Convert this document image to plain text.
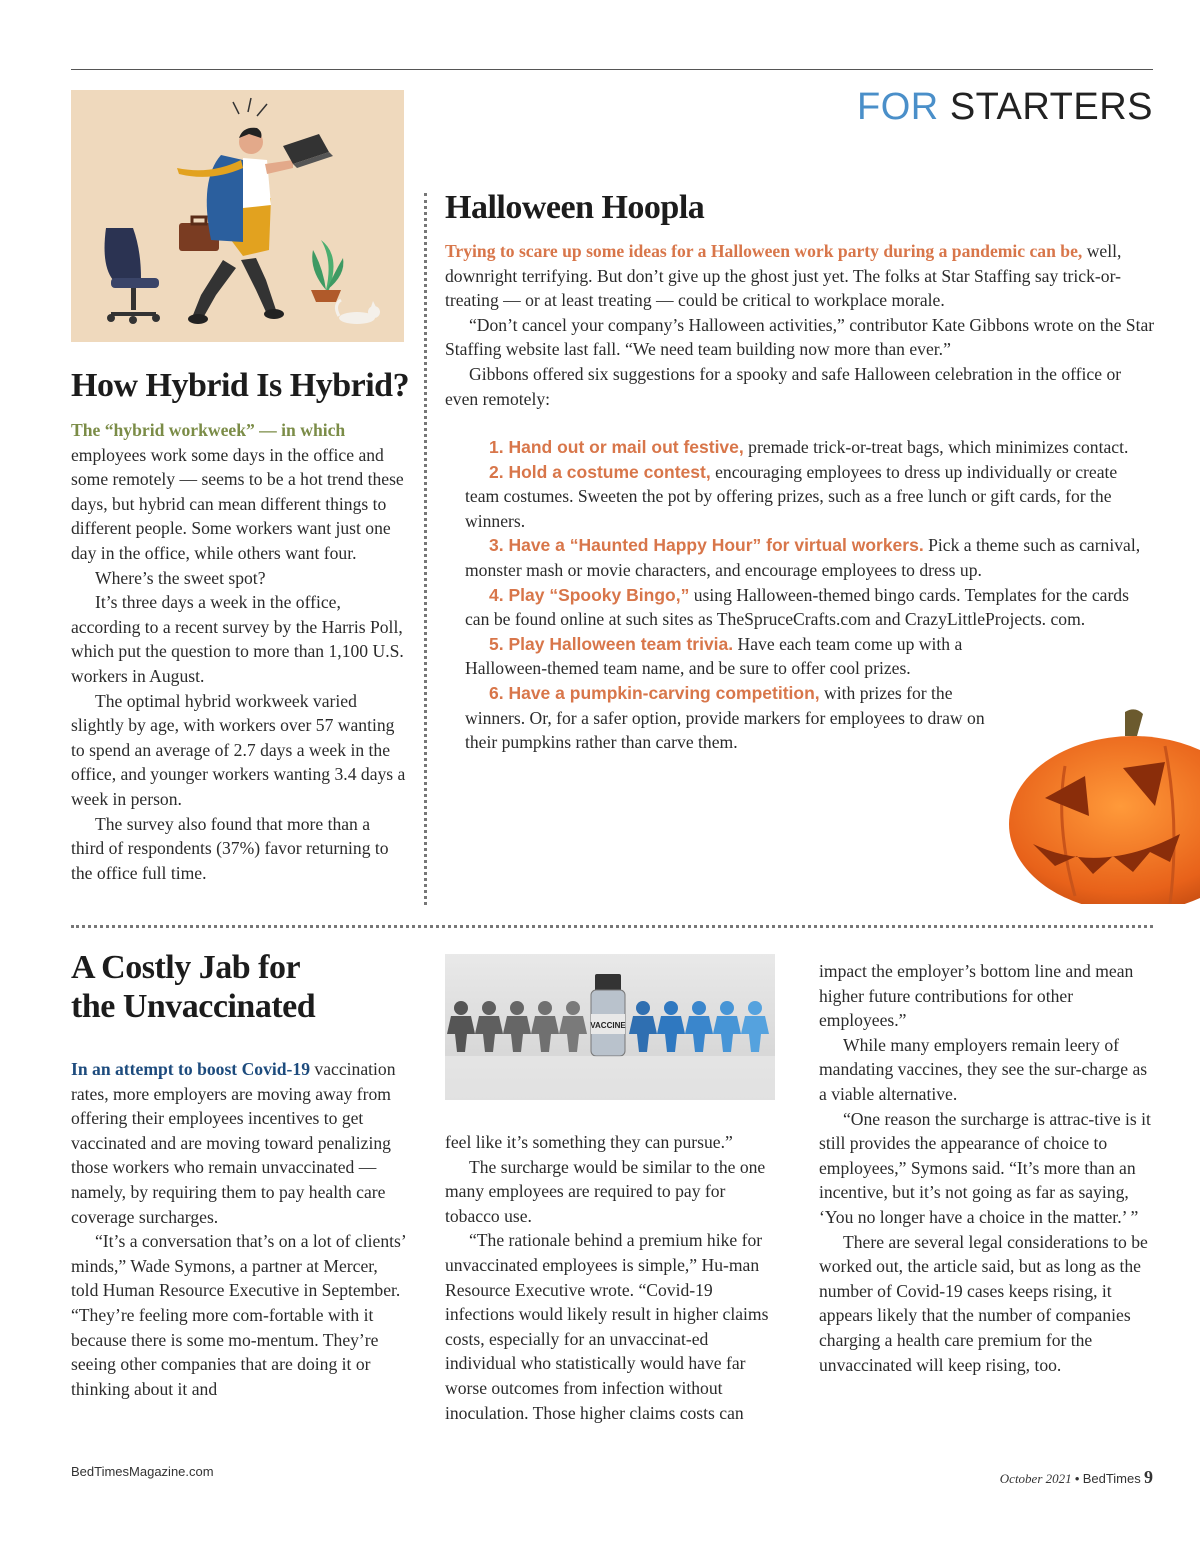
FOR STARTERS
How Hybrid Is Hybrid?

The “hybrid workweek” — in which employees work some days in the office and some remotely — seems to be a hot trend these days, but hybrid can mean different things to different people. Some workers want just one day in the office, while others want four.

Where’s the sweet spot?

It’s three days a week in the office, according to a recent survey by the Harris Poll, which put the question to more than 1,100 U.S. workers in August.

The optimal hybrid workweek varied slightly by age, with workers over 57 wanting to spend an average of 2.7 days a week in the office, and younger workers wanting 3.4 days a week in person.

The survey also found that more than a third of respondents (37%) favor returning to the office full time.

Halloween Hoopla

Trying to scare up some ideas for a Halloween work party during a pandemic can be, well, downright terrifying. But don’t give up the ghost just yet. The folks at Star Staffing say trick-or-treating — or at least treating — could be critical to workplace morale.

“Don’t cancel your company’s Halloween activities,” contributor Kate Gibbons wrote on the Star Staffing website last fall. “We need team building now more than ever.”

Gibbons offered six suggestions for a spooky and safe Halloween celebration in the office or even remotely:

1. Hand out or mail out festive, premade trick-or-treat bags, which minimizes contact.

2. Hold a costume contest, encouraging employees to dress up individually or create team costumes. Sweeten the pot by offering prizes, such as a free lunch or gift cards, for the winners.

3. Have a “Haunted Happy Hour” for virtual workers. Pick a theme such as carnival, monster mash or movie characters, and encourage employees to dress up.

4. Play “Spooky Bingo,” using Halloween-themed bingo cards. Templates for the cards can be found online at such sites as TheSpruceCrafts.com and CrazyLittleProjects. com.

5. Play Halloween team trivia. Have each team come up with a Halloween-themed team name, and be sure to offer cool prizes.

6. Have a pumpkin-carving competition, with prizes for the winners. Or, for a safer option, provide markers for employees to draw on their pumpkins rather than carve them.

A Costly Jab for
the Unvaccinated

In an attempt to boost Covid-19 vaccination rates, more employers are moving away from offering their employees incentives to get vaccinated and are moving toward penalizing those workers who remain unvaccinated — namely, by requiring them to pay health care coverage surcharges.

“It’s a conversation that’s on a lot of clients’ minds,” Wade Symons, a partner at Mercer, told Human Resource Executive in September. “They’re feeling more com-fortable with it because there is some mo-mentum. They’re seeing other companies that are doing it or thinking about it and

VACCINE

feel like it’s something they can pursue.”

The surcharge would be similar to the one many employees are required to pay for tobacco use.

“The rationale behind a premium hike for unvaccinated employees is simple,” Hu-man Resource Executive wrote. “Covid-19 infections would likely result in higher claims costs, especially for an unvaccinat-ed individual who statistically would have far worse outcomes from infection without inoculation. Those higher claims costs can

impact the employer’s bottom line and mean higher future contributions for other employees.”

While many employers remain leery of mandating vaccines, they see the sur-charge as a viable alternative.

“One reason the surcharge is attrac-tive is it still provides the appearance of choice to employees,” Symons said. “It’s more than an incentive, but it’s not going as far as saying, ‘You no longer have a choice in the matter.’ ”

There are several legal considerations to be worked out, the article said, but as long as the number of Covid-19 cases keeps rising, it appears likely that the number of companies charging a health care premium for the unvaccinated will keep rising, too.

BedTimesMagazine.com	October 2021 • BedTimes 9
